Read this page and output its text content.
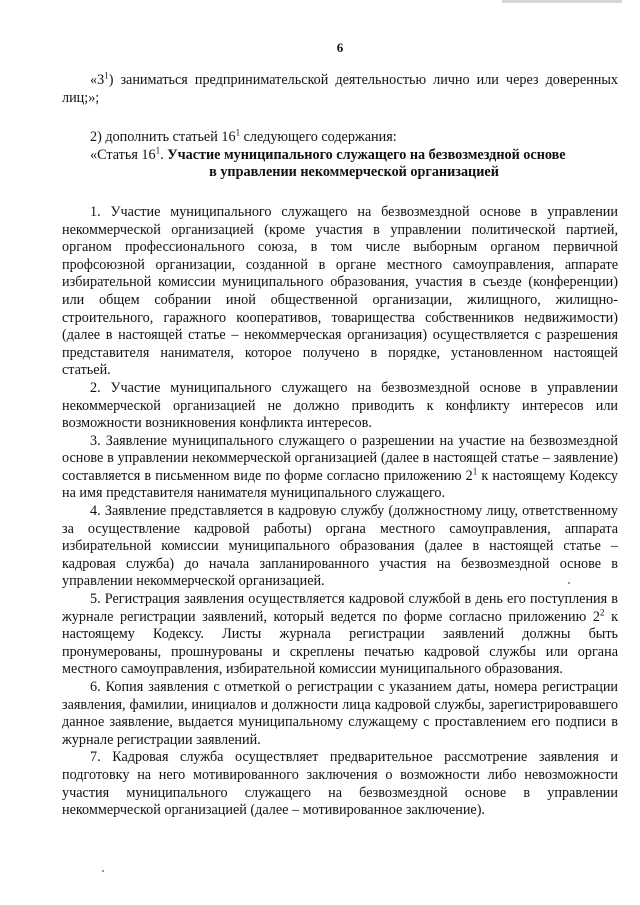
6

«$3^1$) заниматься предпринимательской деятельностью лично или через доверенных лиц;»;

2) дополнить статьей $16^1$ следующего содержания:

«Статья $16^1$. Участие муниципального служащего на безвозмездной основе
в управлении некоммерческой организацией

1. Участие муниципального служащего на безвозмездной основе в управлении некоммерческой организацией (кроме участия в управлении политической партией, органом профессионального союза, в том числе выборным органом первичной профсоюзной организации, созданной в органе местного самоуправления, аппарате избирательной комиссии муниципального образования, участия в съезде (конференции) или общем собрании иной общественной организации, жилищного, жилищно-строительного, гаражного кооперативов, товарищества собственников недвижимости) (далее в настоящей статье – некоммерческая организация) осуществляется с разрешения представителя нанимателя, которое получено в порядке, установленном настоящей статьей.

2. Участие муниципального служащего на безвозмездной основе в управлении некоммерческой организацией не должно приводить к конфликту интересов или возможности возникновения конфликта интересов.

3. Заявление муниципального служащего о разрешении на участие на безвозмездной основе в управлении некоммерческой организацией (далее в настоящей статье – заявление) составляется в письменном виде по форме согласно приложению $2^1$ к настоящему Кодексу на имя представителя нанимателя муниципального служащего.

4. Заявление представляется в кадровую службу (должностному лицу, ответственному за осуществление кадровой работы) органа местного самоуправления, аппарата избирательной комиссии муниципального образования (далее в настоящей статье – кадровая служба) до начала запланированного участия на безвозмездной основе в управлении некоммерческой организацией.

5. Регистрация заявления осуществляется кадровой службой в день его поступления в журнале регистрации заявлений, который ведется по форме согласно приложению $2^2$ к настоящему Кодексу. Листы журнала регистрации заявлений должны быть пронумерованы, прошнурованы и скреплены печатью кадровой службы или органа местного самоуправления, избирательной комиссии муниципального образования.

6. Копия заявления с отметкой о регистрации с указанием даты, номера регистрации заявления, фамилии, инициалов и должности лица кадровой службы, зарегистрировавшего данное заявление, выдается муниципальному служащему с проставлением его подписи в журнале регистрации заявлений.

7. Кадровая служба осуществляет предварительное рассмотрение заявления и подготовку на него мотивированного заключения о возможности либо невозможности участия муниципального служащего на безвозмездной основе в управлении некоммерческой организацией (далее – мотивированное заключение).
